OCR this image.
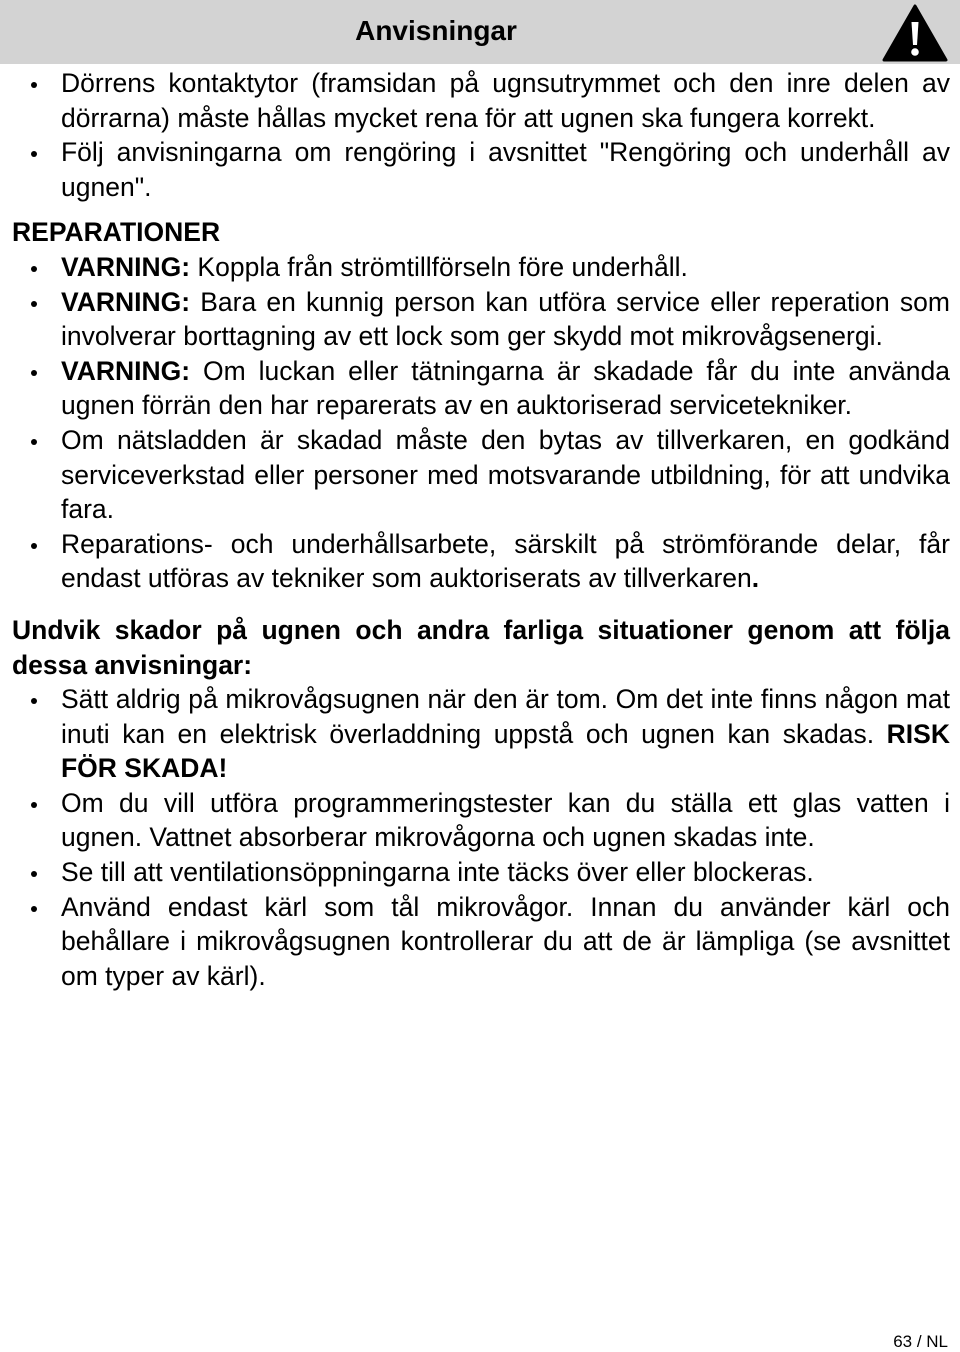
Anvisningar
Dörrens kontaktytor (framsidan på ugnsutrymmet och den inre delen av dörrarna) måste hållas mycket rena för att ugnen ska fungera korrekt.
Följ anvisningarna om rengöring i avsnittet "Rengöring och underhåll av ugnen".
REPARATIONER
VARNING: Koppla från strömtillförseln före underhåll.
VARNING: Bara en kunnig person kan utföra service eller reperation som involverar borttagning av ett lock som ger skydd mot mikrovågsenergi.
VARNING: Om luckan eller tätningarna är skadade får du inte använda ugnen förrän den har reparerats av en auktoriserad servicetekniker.
Om nätsladden är skadad måste den bytas av tillverkaren, en godkänd serviceverkstad eller personer med motsvarande utbildning, för att undvika fara.
Reparations- och underhållsarbete, särskilt på strömförande delar, får endast utföras av tekniker som auktoriserats av tillverkaren.
Undvik skador på ugnen och andra farliga situationer genom att följa dessa anvisningar:
Sätt aldrig på mikrovågsugnen när den är tom. Om det inte finns någon mat inuti kan en elektrisk överladdning uppstå och ugnen kan skadas. RISK FÖR SKADA!
Om du vill utföra programmeringstester kan du ställa ett glas vatten i ugnen. Vattnet absorberar mikrovågorna och ugnen skadas inte.
Se till att ventilationsöppningarna inte täcks över eller blockeras.
Använd endast kärl som tål mikrovågor. Innan du använder kärl och behållare i mikrovågsugnen kontrollerar du att de är lämpliga (se avsnittet om typer av kärl).
63 / NL
